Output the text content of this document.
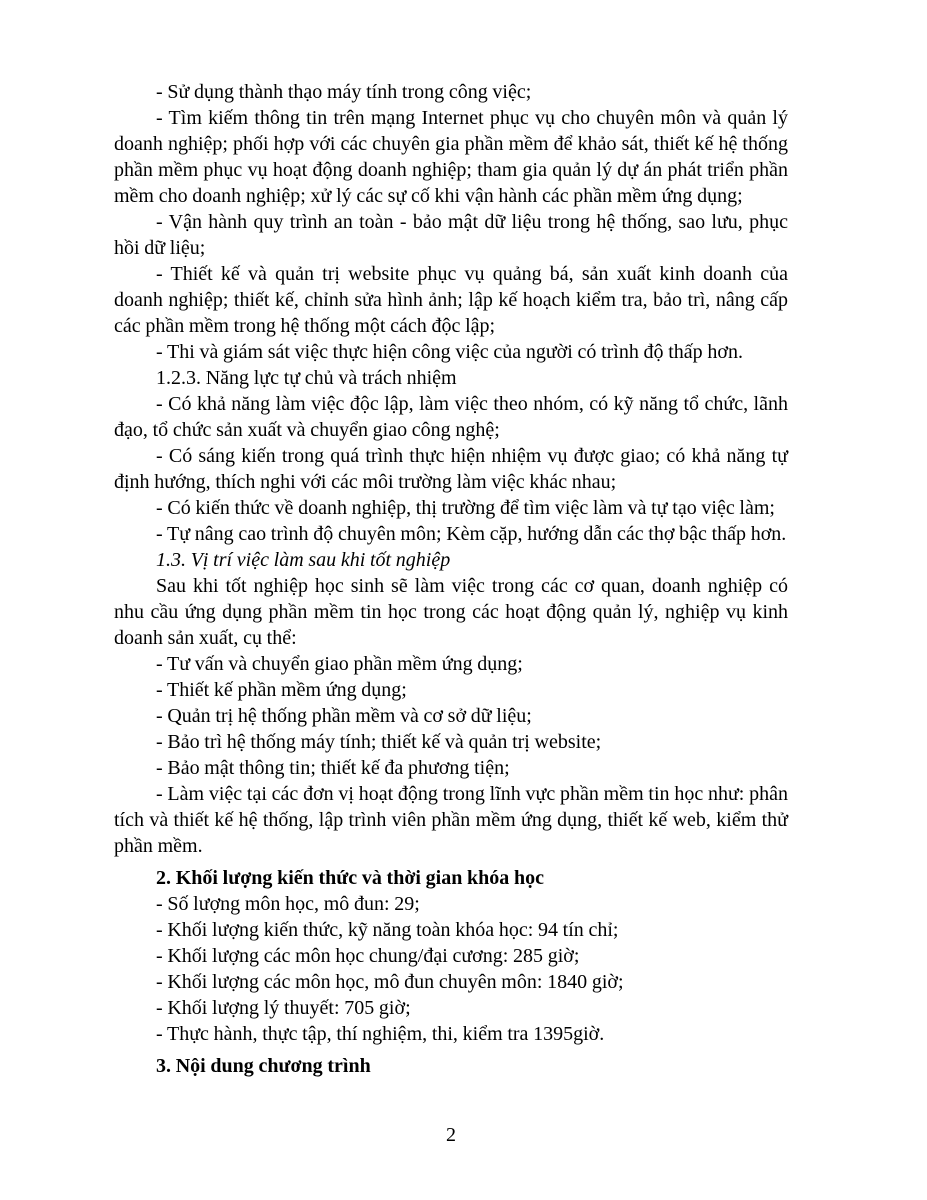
- Sử dụng thành thạo máy tính trong công việc;

- Tìm kiếm thông tin trên mạng Internet phục vụ cho chuyên môn và quản lý doanh nghiệp; phối hợp với các chuyên gia phần mềm để khảo sát, thiết kế hệ thống phần mềm phục vụ hoạt động doanh nghiệp; tham gia quản lý dự án phát triển phần mềm cho doanh nghiệp; xử lý các sự cố khi vận hành các phần mềm ứng dụng;

- Vận hành quy trình an toàn - bảo mật dữ liệu trong hệ thống, sao lưu, phục hồi dữ liệu;

- Thiết kế và quản trị website phục vụ quảng bá, sản xuất kinh doanh của doanh nghiệp; thiết kế, chỉnh sửa hình ảnh; lập kế hoạch kiểm tra, bảo trì, nâng cấp các phần mềm trong hệ thống một cách độc lập;

- Thi và giám sát việc thực hiện công việc của người có trình độ thấp hơn.

1.2.3. Năng lực tự chủ và trách nhiệm

- Có khả năng làm việc độc lập, làm việc theo nhóm, có kỹ năng tổ chức, lãnh đạo, tổ chức sản xuất và chuyển giao công nghệ;

- Có sáng kiến trong quá trình thực hiện nhiệm vụ được giao; có khả năng tự định hướng, thích nghi với các môi trường làm việc khác nhau;

- Có kiến thức về doanh nghiệp, thị trường để tìm việc làm và tự tạo việc làm;

- Tự nâng cao trình độ chuyên môn; Kèm cặp, hướng dẫn các thợ bậc thấp hơn.

1.3. Vị trí việc làm sau khi tốt nghiệp

Sau khi tốt nghiệp học sinh sẽ làm việc trong các cơ quan, doanh nghiệp có nhu cầu ứng dụng phần mềm tin học trong các hoạt động quản lý, nghiệp vụ kinh doanh sản xuất, cụ thể:

- Tư vấn và chuyển giao phần mềm ứng dụng;

- Thiết kế phần mềm ứng dụng;

- Quản trị hệ thống phần mềm và cơ sở dữ liệu;

- Bảo trì hệ thống máy tính; thiết kế và quản trị website;

- Bảo mật thông tin; thiết kế đa phương tiện;

- Làm việc tại các đơn vị hoạt động trong lĩnh vực phần mềm tin học như: phân tích và thiết kế hệ thống, lập trình viên phần mềm ứng dụng, thiết kế web, kiểm thử phần mềm.

2. Khối lượng kiến thức và thời gian khóa học

- Số lượng môn học, mô đun: 29;

- Khối lượng kiến thức, kỹ năng toàn khóa học: 94 tín chỉ;

- Khối lượng các môn học chung/đại cương: 285 giờ;

- Khối lượng các môn học, mô đun chuyên môn: 1840 giờ;

- Khối lượng lý thuyết: 705 giờ;

- Thực hành, thực tập, thí nghiệm, thi, kiểm tra 1395giờ.

3. Nội dung chương trình

2
